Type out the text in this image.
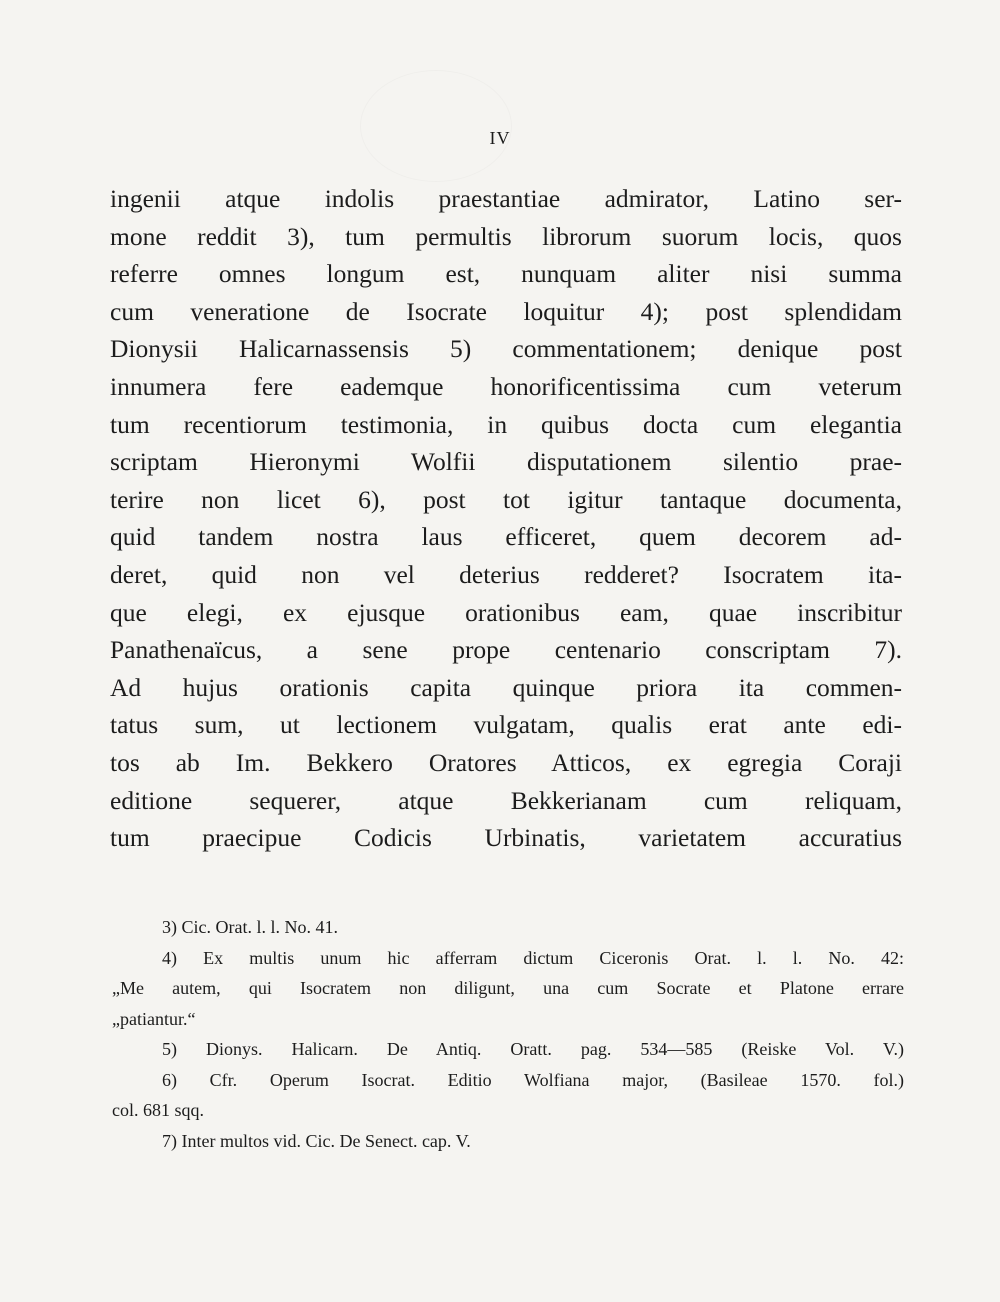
IV
ingenii atque indolis praestantiae admirator, Latino ser-
mone reddit 3), tum permultis librorum suorum locis, quos
referre omnes longum est, nunquam aliter nisi summa
cum veneratione de Isocrate loquitur 4); post splendidam
Dionysii Halicarnassensis 5) commentationem; denique post
innumera fere eademque honorificentissima cum veterum
tum recentiorum testimonia, in quibus docta cum elegantia
scriptam Hieronymi Wolfii disputationem silentio prae-
terire non licet 6), post tot igitur tantaque documenta,
quid tandem nostra laus efficeret, quem decorem ad-
deret, quid non vel deterius redderet? Isocratem ita-
que elegi, ex ejusque orationibus eam, quae inscribitur
Panathenaïcus, a sene prope centenario conscriptam 7).
Ad hujus orationis capita quinque priora ita commen-
tatus sum, ut lectionem vulgatam, qualis erat ante edi-
tos ab Im. Bekkero Oratores Atticos, ex egregia Coraji
editione sequerer, atque Bekkerianam cum reliquam,
tum praecipue Codicis Urbinatis, varietatem accuratius
3) Cic. Orat. l. l. No. 41.
4) Ex multis unum hic afferram dictum Ciceronis Orat. l. l. No. 42:
„Me autem, qui Isocratem non diligunt, una cum Socrate et Platone errare
„patiantur.“
5) Dionys. Halicarn. De Antiq. Oratt. pag. 534—585 (Reiske Vol. V.)
6) Cfr. Operum Isocrat. Editio Wolfiana major, (Basileae 1570. fol.)
col. 681 sqq.
7) Inter multos vid. Cic. De Senect. cap. V.
